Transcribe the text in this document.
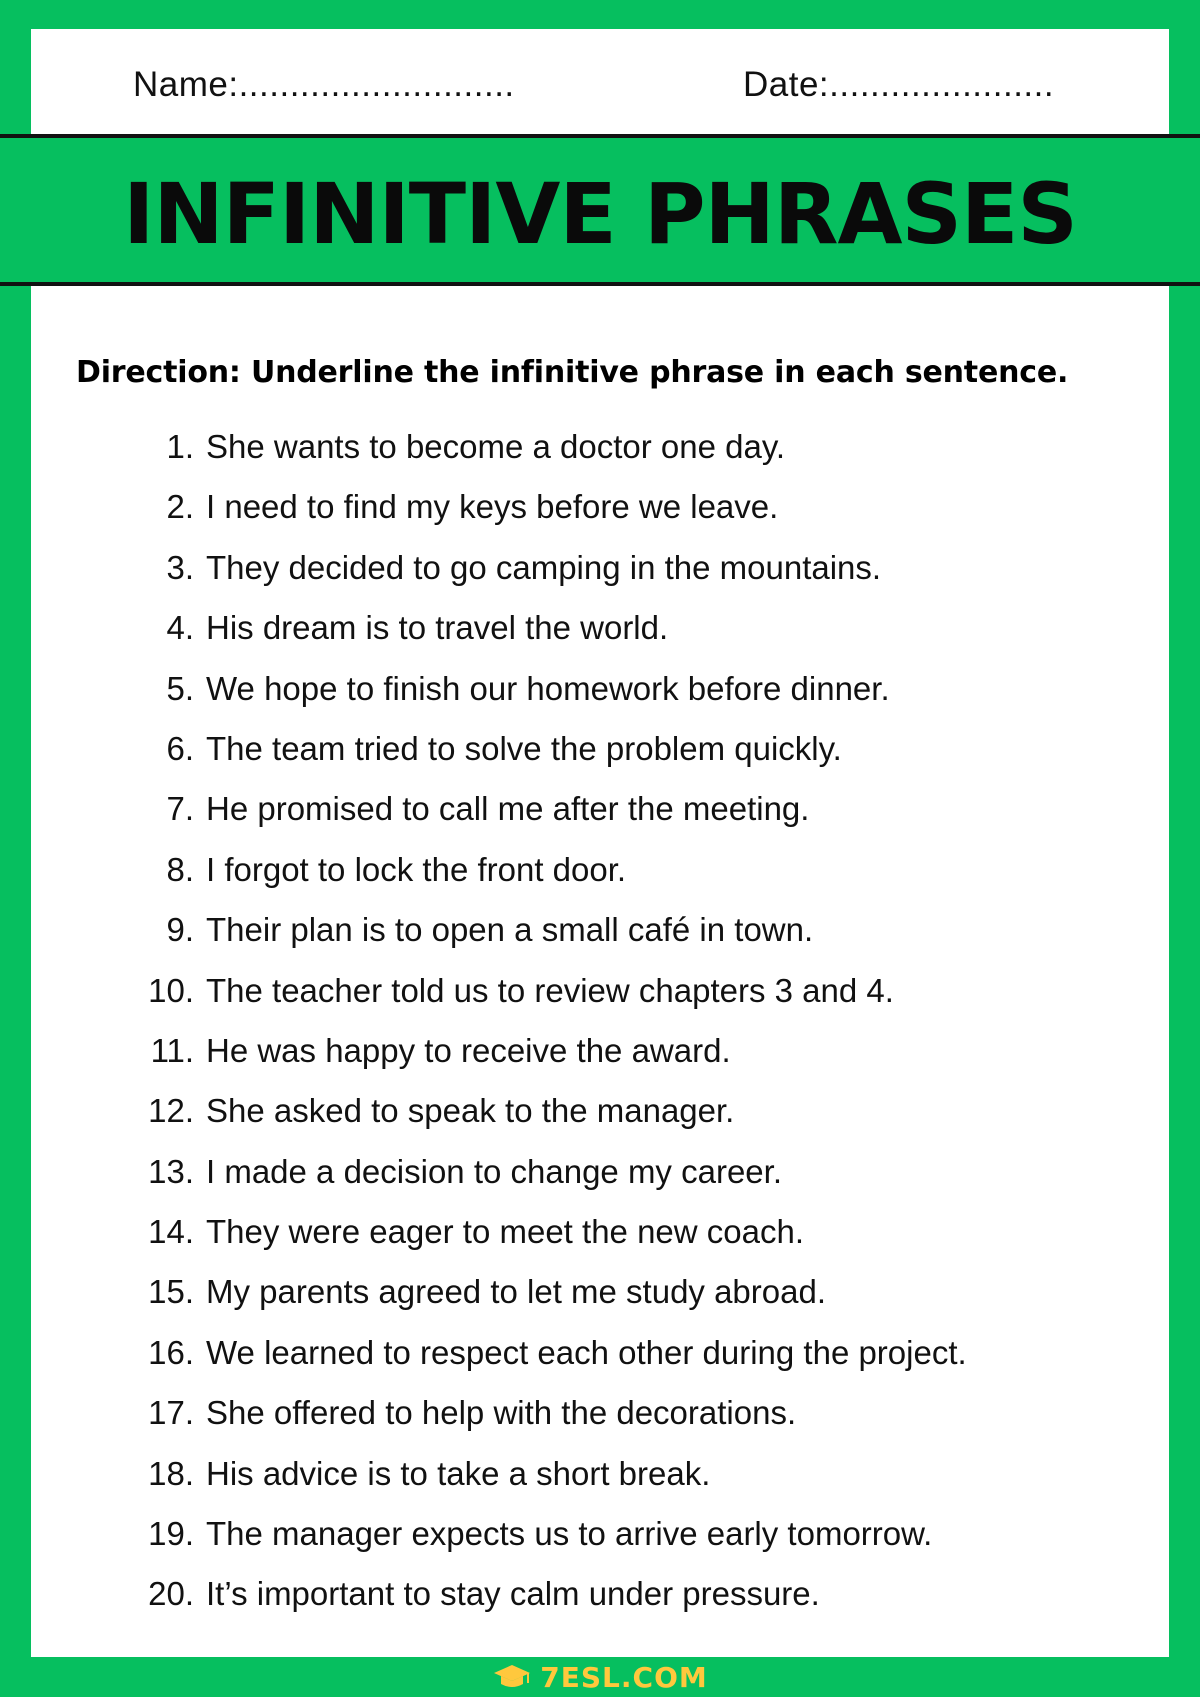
Name:...........................	Date:......................
INFINITIVE PHRASES
Direction: Underline the infinitive phrase in each sentence.
1. She wants to become a doctor one day.
2. I need to find my keys before we leave.
3. They decided to go camping in the mountains.
4. His dream is to travel the world.
5. We hope to finish our homework before dinner.
6. The team tried to solve the problem quickly.
7. He promised to call me after the meeting.
8. I forgot to lock the front door.
9. Their plan is to open a small café in town.
10. The teacher told us to review chapters 3 and 4.
11. He was happy to receive the award.
12. She asked to speak to the manager.
13. I made a decision to change my career.
14. They were eager to meet the new coach.
15. My parents agreed to let me study abroad.
16. We learned to respect each other during the project.
17. She offered to help with the decorations.
18. His advice is to take a short break.
19. The manager expects us to arrive early tomorrow.
20. It’s important to stay calm under pressure.
7ESL.COM
